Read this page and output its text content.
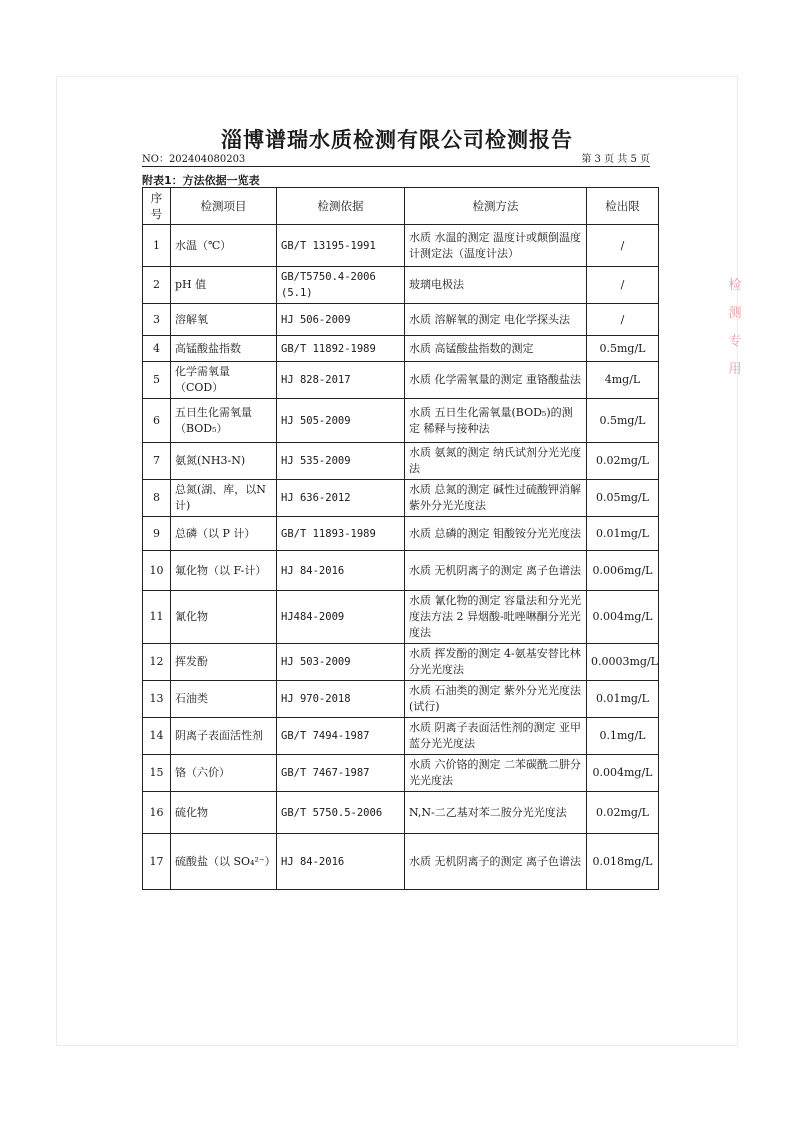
淄博谱瑞水质检测有限公司检测报告
NO：202404080203	第 3 页 共 5 页
附表1：方法依据一览表
序号	检测项目	检测依据	检测方法	检出限
1	水温（℃）	GB/T 13195-1991	水质 水温的测定 温度计或颠倒温度计测定法（温度计法）	/
2	pH 值	GB/T5750.4-2006 (5.1)	玻璃电极法	/
3	溶解氧	HJ 506-2009	水质 溶解氧的测定 电化学探头法	/
4	高锰酸盐指数	GB/T 11892-1989	水质 高锰酸盐指数的测定	0.5mg/L
5	化学需氧量（COD）	HJ 828-2017	水质 化学需氧量的测定 重铬酸盐法	4mg/L
6	五日生化需氧量（BOD₅）	HJ 505-2009	水质 五日生化需氧量(BOD₅)的测定 稀释与接种法	0.5mg/L
7	氨氮(NH3-N)	HJ 535-2009	水质 氨氮的测定 纳氏试剂分光光度法	0.02mg/L
8	总氮(湖、库，以N 计)	HJ 636-2012	水质 总氮的测定 碱性过硫酸钾消解紫外分光光度法	0.05mg/L
9	总磷（以 P 计）	GB/T 11893-1989	水质 总磷的测定 钼酸铵分光光度法	0.01mg/L
10	氟化物（以 F-计）	HJ 84-2016	水质 无机阴离子的测定 离子色谱法	0.006mg/L
11	氰化物	HJ484-2009	水质 氰化物的测定 容量法和分光光度法方法 2 异烟酸-吡唑啉酮分光光度法	0.004mg/L
12	挥发酚	HJ 503-2009	水质 挥发酚的测定 4-氨基安替比林分光光度法	0.0003mg/L
13	石油类	HJ 970-2018	水质 石油类的测定 紫外分光光度法(试行)	0.01mg/L
14	阴离子表面活性剂	GB/T 7494-1987	水质 阴离子表面活性剂的测定 亚甲蓝分光光度法	0.1mg/L
15	铬（六价）	GB/T 7467-1987	水质 六价铬的测定 二苯碳酰二肼分光光度法	0.004mg/L
16	硫化物	GB/T 5750.5-2006	N,N-二乙基对苯二胺分光光度法	0.02mg/L
17	硫酸盐（以 SO₄²⁻）	HJ 84-2016	水质 无机阴离子的测定 离子色谱法	0.018mg/L
检
测
专
用
